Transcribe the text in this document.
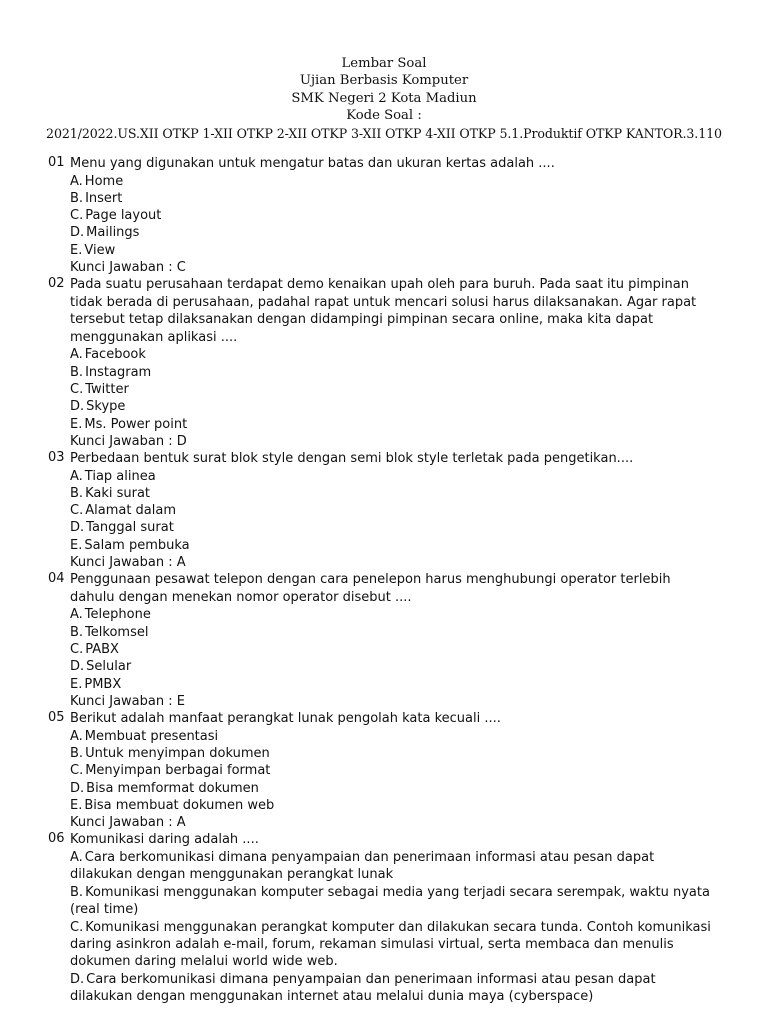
Lembar Soal
Ujian Berbasis Komputer
SMK Negeri 2 Kota Madiun
Kode Soal :
2021/2022.US.XII OTKP 1-XII OTKP 2-XII OTKP 3-XII OTKP 4-XII OTKP 5.1.Produktif OTKP KANTOR.3.110
01 Menu yang digunakan untuk mengatur batas dan ukuran kertas adalah ....
A. Home
B. Insert
C. Page layout
D. Mailings
E. View
Kunci Jawaban : C
02 Pada suatu perusahaan terdapat demo kenaikan upah oleh para buruh. Pada saat itu pimpinan tidak berada di perusahaan, padahal rapat untuk mencari solusi harus dilaksanakan. Agar rapat tersebut tetap dilaksanakan dengan didampingi pimpinan secara online, maka kita dapat menggunakan aplikasi ....
A. Facebook
B. Instagram
C. Twitter
D. Skype
E. Ms. Power point
Kunci Jawaban : D
03 Perbedaan bentuk surat blok style dengan semi blok style terletak pada pengetikan....
A. Tiap alinea
B. Kaki surat
C. Alamat dalam
D. Tanggal surat
E. Salam pembuka
Kunci Jawaban : A
04 Penggunaan pesawat telepon dengan cara penelepon harus menghubungi operator terlebih dahulu dengan menekan nomor operator disebut ....
A. Telephone
B. Telkomsel
C. PABX
D. Selular
E. PMBX
Kunci Jawaban : E
05 Berikut adalah manfaat perangkat lunak pengolah kata kecuali ....
A. Membuat presentasi
B. Untuk menyimpan dokumen
C. Menyimpan berbagai format
D. Bisa memformat dokumen
E. Bisa membuat dokumen web
Kunci Jawaban : A
06 Komunikasi daring adalah ....
A. Cara berkomunikasi dimana penyampaian dan penerimaan informasi atau pesan dapat dilakukan dengan menggunakan perangkat lunak
B. Komunikasi menggunakan komputer sebagai media yang terjadi secara serempak, waktu nyata (real time)
C. Komunikasi menggunakan perangkat komputer dan dilakukan secara tunda. Contoh komunikasi daring asinkron adalah e-mail, forum, rekaman simulasi virtual, serta membaca dan menulis dokumen daring melalui world wide web.
D. Cara berkomunikasi dimana penyampaian dan penerimaan informasi atau pesan dapat dilakukan dengan menggunakan internet atau melalui dunia maya (cyberspace)
